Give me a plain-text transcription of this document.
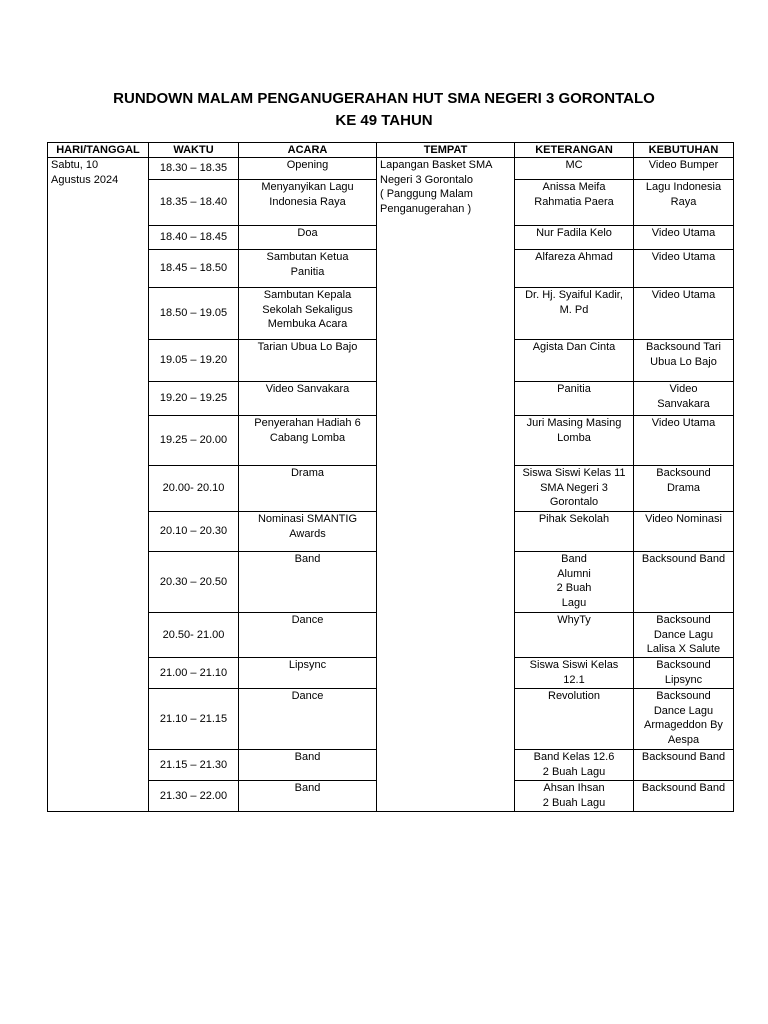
RUNDOWN MALAM PENGANUGERAHAN HUT SMA NEGERI 3 GORONTALO
KE 49 TAHUN
HARI/TANGGAL	WAKTU	ACARA	TEMPAT	KETERANGAN	KEBUTUHAN
Sabtu, 10
Agustus 2024	18.30 – 18.35	Opening	Lapangan Basket SMA Negeri 3 Gorontalo
( Panggung Malam Penganugerahan )	MC	Video Bumper
	18.35 – 18.40	Menyanyikan Lagu
Indonesia Raya		Anissa Meifa
Rahmatia Paera	Lagu Indonesia
Raya
	18.40 – 18.45	Doa		Nur Fadila Kelo	Video Utama
	18.45 – 18.50	Sambutan Ketua
Panitia		Alfareza Ahmad	Video Utama
	18.50 – 19.05	Sambutan Kepala
Sekolah Sekaligus
Membuka Acara		Dr. Hj. Syaiful Kadir,
M. Pd	Video Utama
	19.05 – 19.20	Tarian Ubua Lo Bajo		Agista Dan Cinta	Backsound Tari
Ubua Lo Bajo
	19.20 – 19.25	Video Sanvakara		Panitia	Video
Sanvakara
	19.25 – 20.00	Penyerahan Hadiah 6
Cabang Lomba		Juri Masing Masing
Lomba	Video Utama
	20.00- 20.10	Drama		Siswa Siswi Kelas 11
SMA Negeri 3
Gorontalo	Backsound
Drama
	20.10 – 20.30	Nominasi SMANTIG
Awards		Pihak Sekolah	Video Nominasi
	20.30 – 20.50	Band		Band
Alumni
2 Buah
Lagu	Backsound Band
	20.50- 21.00	Dance		WhyTy	Backsound
Dance Lagu
Lalisa X Salute
	21.00 – 21.10	Lipsync		Siswa Siswi Kelas
12.1	Backsound
Lipsync
	21.10 – 21.15	Dance		Revolution	Backsound
Dance Lagu
Armageddon By
Aespa
	21.15 – 21.30	Band		Band Kelas 12.6
2 Buah Lagu	Backsound Band
	21.30 – 22.00	Band		Ahsan Ihsan
2 Buah Lagu	Backsound Band
